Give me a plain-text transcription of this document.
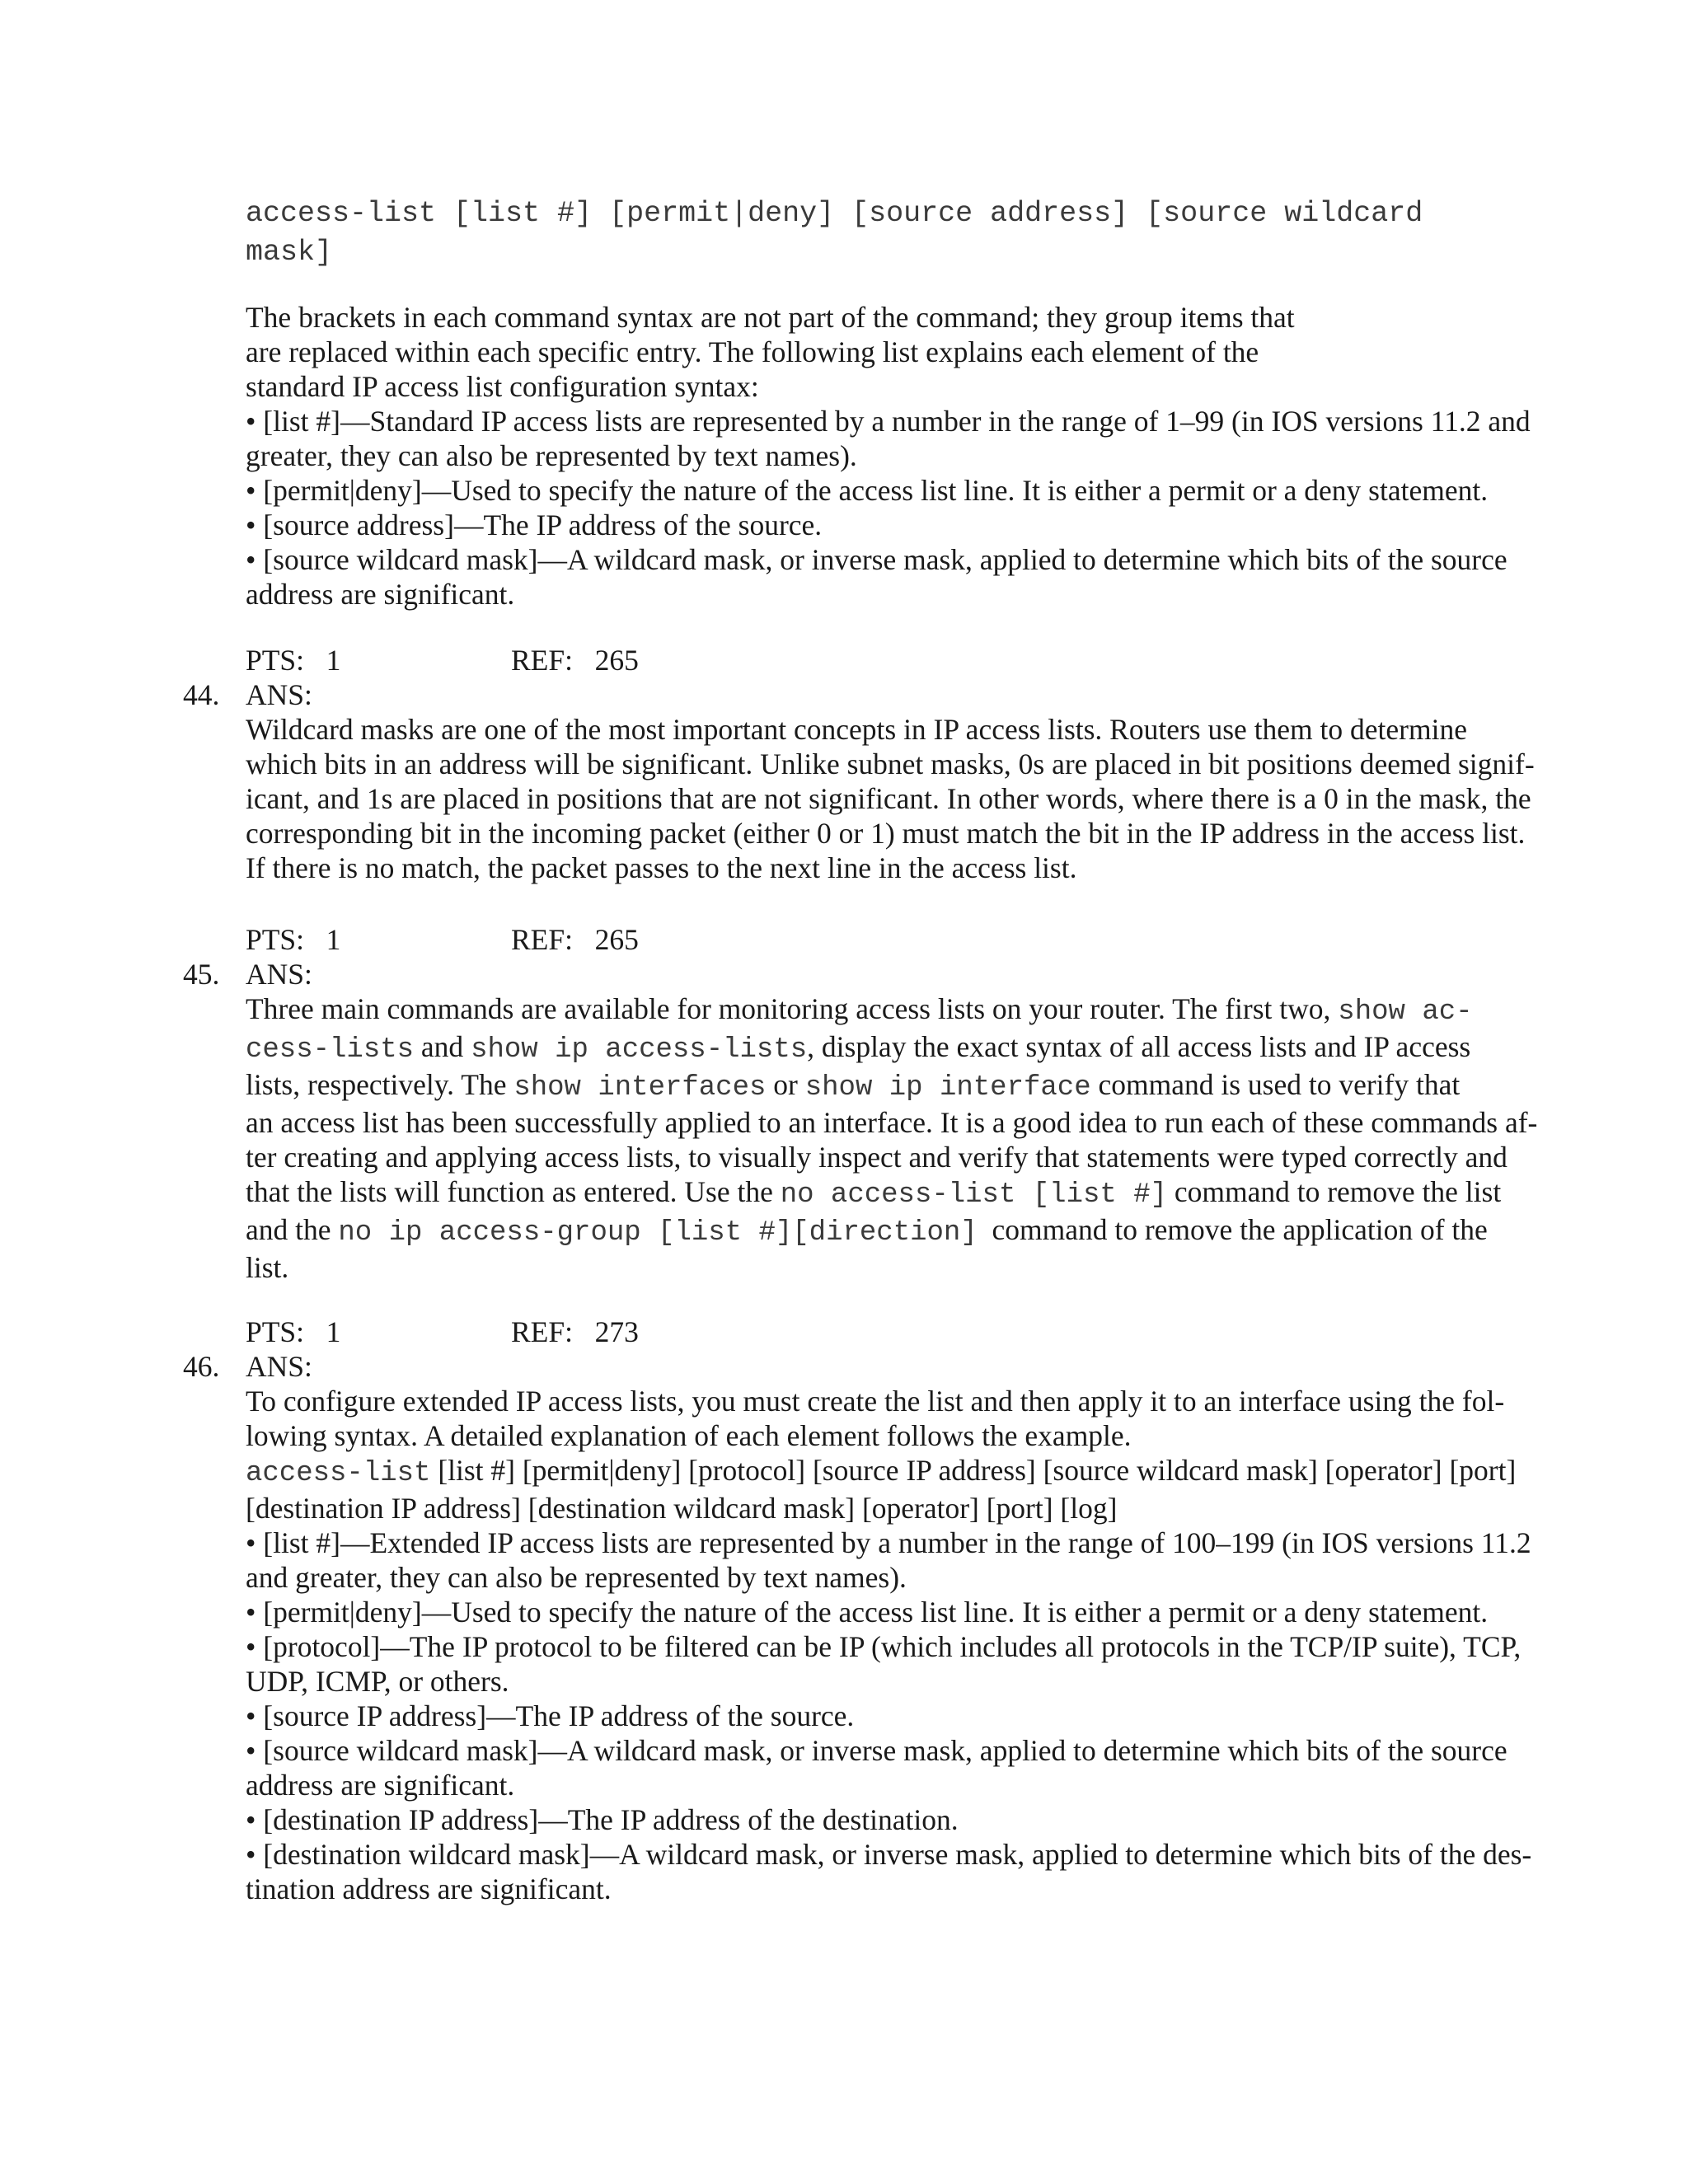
access-list [list #] [permit|deny] [source address] [source wildcard
mask]
The brackets in each command syntax are not part of the command; they group items that
are replaced within each specific entry. The following list explains each element of the
standard IP access list configuration syntax:
• [list #]—Standard IP access lists are represented by a number in the range of 1–99 (in IOS versions 11.2 and
greater, they can also be represented by text names).
• [permit|deny]—Used to specify the nature of the access list line. It is either a permit or a deny statement.
• [source address]—The IP address of the source.
• [source wildcard mask]—A wildcard mask, or inverse mask, applied to determine which bits of the source
address are significant.
PTS: 1	REF: 265
44. ANS:
Wildcard masks are one of the most important concepts in IP access lists. Routers use them to determine
which bits in an address will be significant. Unlike subnet masks, 0s are placed in bit positions deemed signif-
icant, and 1s are placed in positions that are not significant. In other words, where there is a 0 in the mask, the
corresponding bit in the incoming packet (either 0 or 1) must match the bit in the IP address in the access list.
If there is no match, the packet passes to the next line in the access list.
PTS: 1	REF: 265
45. ANS:
Three main commands are available for monitoring access lists on your router. The first two, show ac-
cess-lists and show ip access-lists, display the exact syntax of all access lists and IP access
lists, respectively. The show interfaces or show ip interface command is used to verify that
an access list has been successfully applied to an interface. It is a good idea to run each of these commands af-
ter creating and applying access lists, to visually inspect and verify that statements were typed correctly and
that the lists will function as entered. Use the no access-list [list #] command to remove the list
and the no ip access-group [list #][direction]  command to remove the application of the
list.
PTS: 1	REF: 273
46. ANS:
To configure extended IP access lists, you must create the list and then apply it to an interface using the fol-
lowing syntax. A detailed explanation of each element follows the example.
access-list [list #] [permit|deny] [protocol] [source IP address] [source wildcard mask] [operator] [port]
[destination IP address] [destination wildcard mask] [operator] [port] [log]
• [list #]—Extended IP access lists are represented by a number in the range of 100–199 (in IOS versions 11.2
and greater, they can also be represented by text names).
• [permit|deny]—Used to specify the nature of the access list line. It is either a permit or a deny statement.
• [protocol]—The IP protocol to be filtered can be IP (which includes all protocols in the TCP/IP suite), TCP,
UDP, ICMP, or others.
• [source IP address]—The IP address of the source.
• [source wildcard mask]—A wildcard mask, or inverse mask, applied to determine which bits of the source
address are significant.
• [destination IP address]—The IP address of the destination.
• [destination wildcard mask]—A wildcard mask, or inverse mask, applied to determine which bits of the des-
tination address are significant.
